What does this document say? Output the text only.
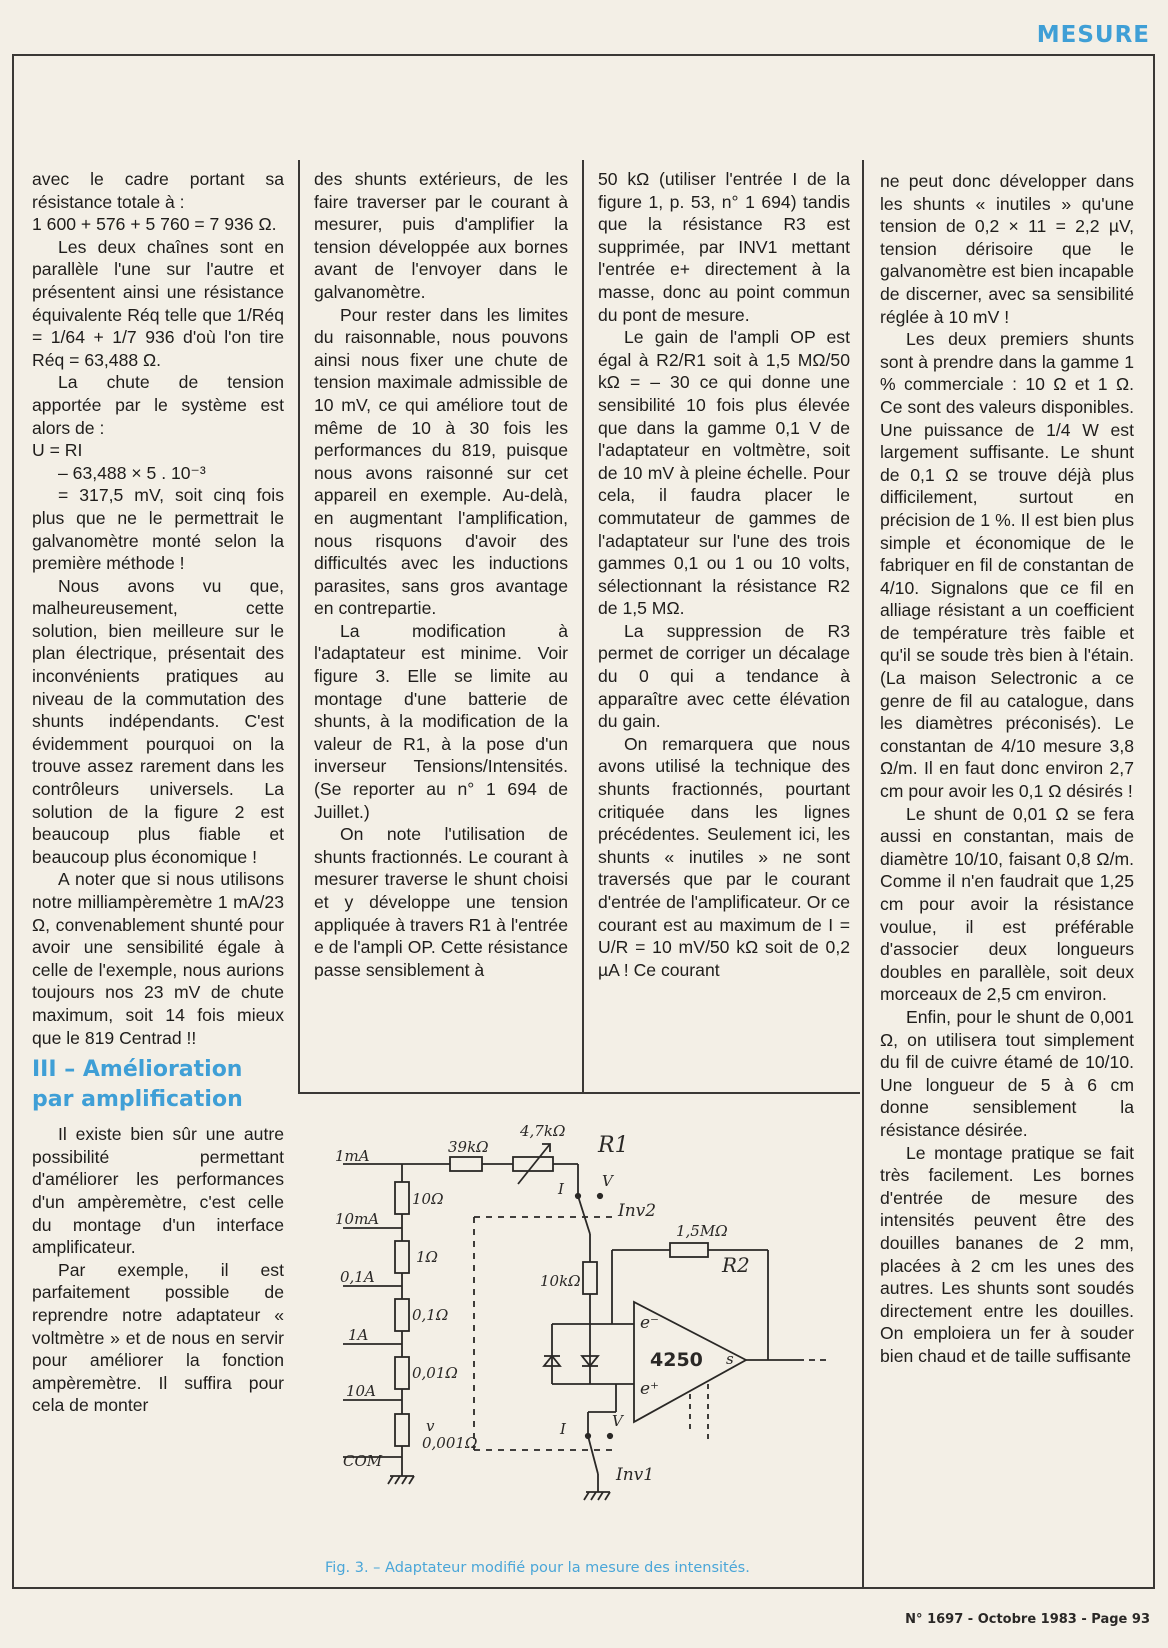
MESURE

avec le cadre portant sa résistance totale à :

1 600 + 576 + 5 760 = 7 936 Ω.

Les deux chaînes sont en parallèle l'une sur l'autre et présentent ainsi une résistance équivalente Réq telle que 1/Réq = 1/64 + 1/7 936 d'où l'on tire Réq = 63,488 Ω.

La chute de tension apportée par le système est alors de :

U = RI

– 63,488 × 5 . 10⁻³

= 317,5 mV, soit cinq fois plus que ne le permettrait le galvanomètre monté selon la première méthode !

Nous avons vu que, malheureusement, cette solution, bien meilleure sur le plan électrique, présentait des inconvénients pratiques au niveau de la commutation des shunts indépendants. C'est évidemment pourquoi on la trouve assez rarement dans les contrôleurs universels. La solution de la figure 2 est beaucoup plus fiable et beaucoup plus économique !

A noter que si nous utilisons notre milliampèremètre 1 mA/23 Ω, convenablement shunté pour avoir une sensibilité égale à celle de l'exemple, nous aurions toujours nos 23 mV de chute maximum, soit 14 fois mieux que le 819 Centrad !!

III – Amélioration par amplification

Il existe bien sûr une autre possibilité permettant d'améliorer les performances d'un ampèremètre, c'est celle du montage d'un interface amplificateur.

Par exemple, il est parfaitement possible de reprendre notre adaptateur « voltmètre » et de nous en servir pour améliorer la fonction ampèremètre. Il suffira pour cela de monter

des shunts extérieurs, de les faire traverser par le courant à mesurer, puis d'amplifier la tension développée aux bornes avant de l'envoyer dans le galvanomètre.

Pour rester dans les limites du raisonnable, nous pouvons ainsi nous fixer une chute de tension maximale admissible de 10 mV, ce qui améliore tout de même de 10 à 30 fois les performances du 819, puisque nous avons raisonné sur cet appareil en exemple. Au-delà, en augmentant l'amplification, nous risquons d'avoir des difficultés avec les inductions parasites, sans gros avantage en contrepartie.

La modification à l'adaptateur est minime. Voir figure 3. Elle se limite au montage d'une batterie de shunts, à la modification de la valeur de R1, à la pose d'un inverseur Tensions/Intensités. (Se reporter au n° 1 694 de Juillet.)

On note l'utilisation de shunts fractionnés. Le courant à mesurer traverse le shunt choisi et y développe une tension appliquée à travers R1 à l'entrée e de l'ampli OP. Cette résistance passe sensiblement à

50 kΩ (utiliser l'entrée I de la figure 1, p. 53, n° 1 694) tandis que la résistance R3 est supprimée, par INV1 mettant l'entrée e+ directement à la masse, donc au point commun du pont de mesure.

Le gain de l'ampli OP est égal à R2/R1 soit à 1,5 MΩ/50 kΩ = – 30 ce qui donne une sensibilité 10 fois plus élevée que dans la gamme 0,1 V de l'adaptateur en voltmètre, soit de 10 mV à pleine échelle. Pour cela, il faudra placer le commutateur de gammes de l'adaptateur sur l'une des trois gammes 0,1 ou 1 ou 10 volts, sélectionnant la résistance R2 de 1,5 MΩ.

La suppression de R3 permet de corriger un décalage du 0 qui a tendance à apparaître avec cette élévation du gain.

On remarquera que nous avons utilisé la technique des shunts fractionnés, pourtant critiquée dans les lignes précédentes. Seulement ici, les shunts « inutiles » ne sont traversés que par le courant d'entrée de l'amplificateur. Or ce courant est au maximum de I = U/R = 10 mV/50 kΩ soit de 0,2 µA ! Ce courant

ne peut donc développer dans les shunts « inutiles » qu'une tension de 0,2 × 11 = 2,2 µV, tension dérisoire que le galvanomètre est bien incapable de discerner, avec sa sensibilité réglée à 10 mV !

Les deux premiers shunts sont à prendre dans la gamme 1 % commerciale : 10 Ω et 1 Ω. Ce sont des valeurs disponibles. Une puissance de 1/4 W est largement suffisante. Le shunt de 0,1 Ω se trouve déjà plus difficilement, surtout en précision de 1 %. Il est bien plus simple et économique de le fabriquer en fil de constantan de 4/10. Signalons que ce fil en alliage résistant a un coefficient de température très faible et qu'il se soude très bien à l'étain. (La maison Selectronic a ce genre de fil au catalogue, dans les diamètres préconisés). Le constantan de 4/10 mesure 3,8 Ω/m. Il en faut donc environ 2,7 cm pour avoir les 0,1 Ω désirés !

Le shunt de 0,01 Ω se fera aussi en constantan, mais de diamètre 10/10, faisant 0,8 Ω/m. Comme il n'en faudrait que 1,25 cm pour avoir la résistance voulue, il est préférable d'associer deux longueurs doubles en parallèle, soit deux morceaux de 2,5 cm environ.

Enfin, pour le shunt de 0,001 Ω, on utilisera tout simplement du fil de cuivre étamé de 10/10. Une longueur de 5 à 6 cm donne sensiblement la résistance désirée.

Le montage pratique se fait très facilement. Les bornes d'entrée de mesure des intensités peuvent être des douilles bananes de 2 mm, placées à 2 cm les unes des autres. Les shunts sont soudés directement entre les douilles. On emploiera un fer à souder bien chaud et de taille suffisante

1mA
10mA
0,1A
1A
10A
COM
10Ω
1Ω
0,1Ω
0,01Ω
0,001Ω
v
39kΩ
4,7kΩ
R1
I	V
Inv2
1,5MΩ
R2
10kΩ
e⁻
e⁺
4250 s
I	V
Inv1
Fig. 3. – Adaptateur modifié pour la mesure des intensités.
N° 1697 - Octobre 1983 - Page 93
